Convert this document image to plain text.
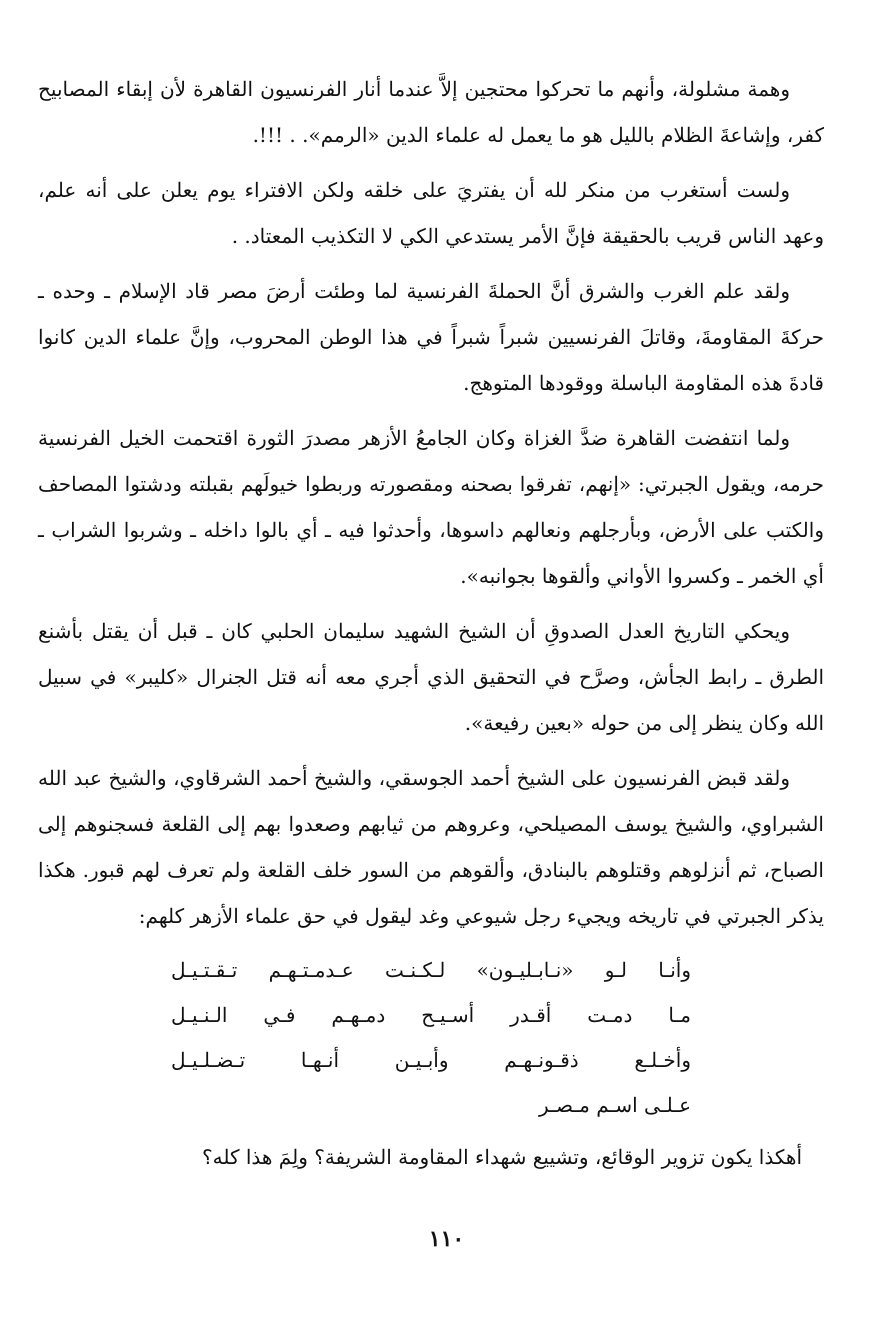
وهمة مشلولة، وأنهم ما تحركوا محتجين إلاَّ عندما أنار الفرنسيون القاهرة لأن إبقاء المصابيح كفر، وإشاعةَ الظلام بالليل هو ما يعمل له علماء الدين «الرمم». . !!!.

ولست أستغرب من منكر لله أن يفتريَ على خلقه ولكن الافتراء يوم يعلن على أنه علم، وعهد الناس قريب بالحقيقة فإنَّ الأمر يستدعي الكي لا التكذيب المعتاد. .

ولقد علم الغرب والشرق أنَّ الحملةَ الفرنسية لما وطئت أرضَ مصر قاد الإسلام ـ وحده ـ حركةَ المقاومةَ، وقاتلَ الفرنسيين شبراً شبراً في هذا الوطن المحروب، وإنَّ علماء الدين كانوا قادةَ هذه المقاومة الباسلة ووقودها المتوهج.

ولما انتفضت القاهرة ضدَّ الغزاة وكان الجامعُ الأزهر مصدرَ الثورة اقتحمت الخيل الفرنسية حرمه، ويقول الجبرتي: «إنهم، تفرقوا بصحنه ومقصورته وربطوا خيولَهم بقبلته ودشتوا المصاحف والكتب على الأرض، وبأرجلهم ونعالهم داسوها، وأحدثوا فيه ـ أي بالوا داخله ـ وشربوا الشراب ـ أي الخمر ـ وكسروا الأواني وألقوها بجوانبه».

ويحكي التاريخ العدل الصدوقِ أن الشيخ الشهيد سليمان الحلبي كان ـ قبل أن يقتل بأشنع الطرق ـ رابط الجأش، وصرَّح في التحقيق الذي أجري معه أنه قتل الجنرال «كليبر» في سبيل الله وكان ينظر إلى من حوله «بعين رفيعة».

ولقد قبض الفرنسيون على الشيخ أحمد الجوسقي، والشيخ أحمد الشرقاوي، والشيخ عبد الله الشبراوي، والشيخ يوسف المصيلحي، وعروهم من ثيابهم وصعدوا بهم إلى القلعة فسجنوهم إلى الصباح، ثم أنزلوهم وقتلوهم بالبنادق، وألقوهم من السور خلف القلعة ولم تعرف لهم قبور. هكذا يذكر الجبرتي في تاريخه ويجيء رجل شيوعي وغد ليقول في حق علماء الأزهر كلهم:

وأنـا لـو «نـابـليـون» لـكـنـت عـدمـتـهـم تـقـتـيـل
مـا دمـت أقـدر أسـيـح دمـهـم فـي الـنـيـل
وأخـلـع ذقـونـهـم وأبـيـن أنـهـا تـضـلـيـل
عـلـى اسـم مـصـر

أهكذا يكون تزوير الوقائع، وتشييع شهداء المقاومة الشريفة؟ ولِمَ هذا كله؟

١١٠
